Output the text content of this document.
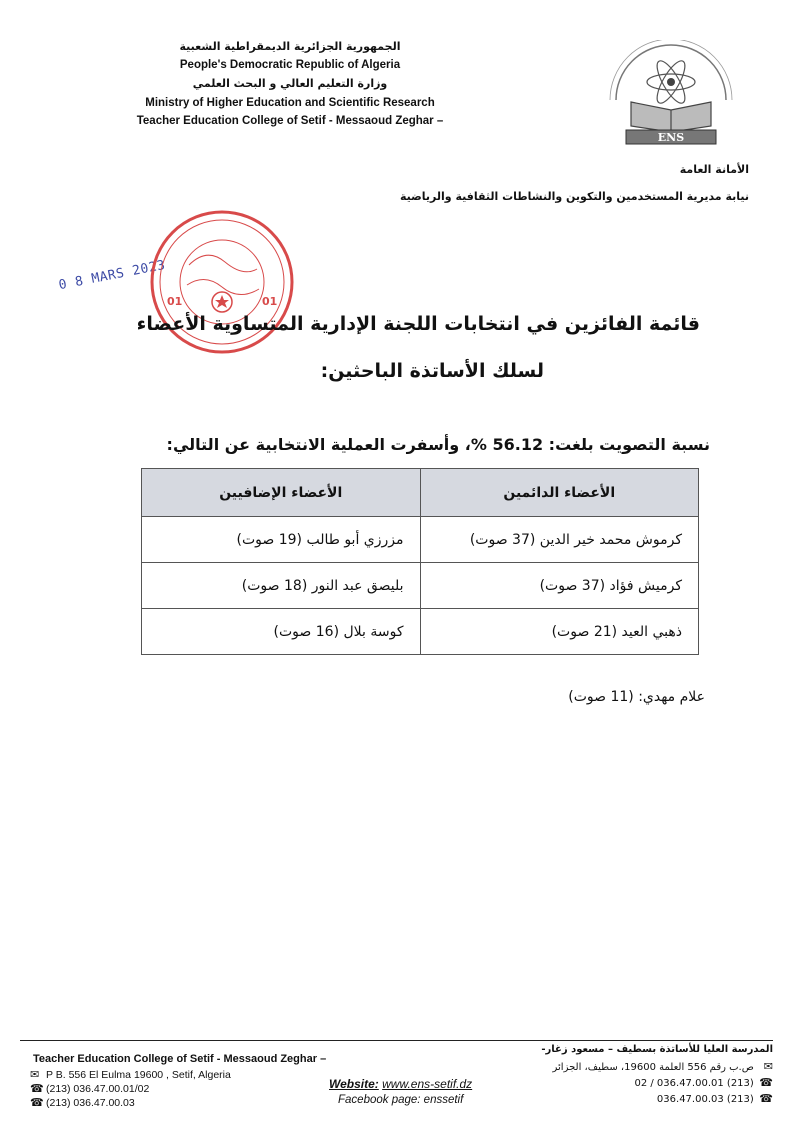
الجمهورية الجزائرية الديمقراطية الشعبية
People's Democratic Republic of Algeria
وزارة التعليم العالي و البحث العلمي
Ministry of Higher Education and Scientific Research
Teacher Education College of Setif - Messaoud Zeghar –
ENS
الأمانة العامة
نيابة مديرية المستخدمين والتكوين والنشاطات الثقافية والرياضية
0 8 MARS 2023
01	01
قائمة الفائزين في انتخابات اللجنة الإدارية المتساوية الأعضاء
لسلك الأساتذة الباحثين:
نسبة التصويت بلغت: 56.12 %، وأسفرت العملية الانتخابية عن التالي:
الأعضاء الدائمين	الأعضاء الإضافيين
كرموش محمد خير الدين (37 صوت)	مزرزي أبو طالب (19 صوت)
كرميش فؤاد (37 صوت)	بليصق عبد النور (18 صوت)
ذهبي العيد (21 صوت)	كوسة بلال (16 صوت)
علام مهدي: (11 صوت)
Teacher Education College of Setif - Messaoud Zeghar –
✉ P B. 556 El Eulma 19600 , Setif, Algeria
☎ (213) 036.47.00.01/02
☎ (213) 036.47.00.03
Website: www.ens-setif.dz
Facebook page: enssetif
المدرسة العليا للأساتذة بسطيف – مسعود زغار-
✉ ص.ب رقم 556 العلمة 19600، سطيف، الجزائر
☎ (213) 036.47.00.01 / 02
☎ (213) 036.47.00.03
